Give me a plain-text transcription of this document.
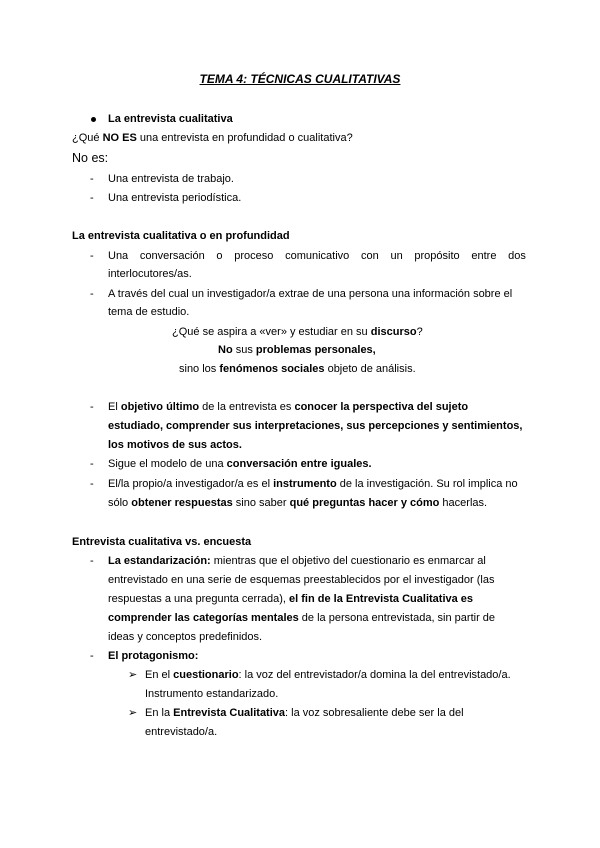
TEMA 4: TÉCNICAS CUALITATIVAS
La entrevista cualitativa
¿Qué NO ES una entrevista en profundidad o cualitativa?
No es:
- Una entrevista de trabajo.
- Una entrevista periodística.
La entrevista cualitativa o en profundidad
- Una conversación o proceso comunicativo con un propósito entre dos
interlocutores/as.
- A través del cual un investigador/a extrae de una persona una información sobre el
tema de estudio.
¿Qué se aspira a «ver» y estudiar en su discurso?
No sus problemas personales,
sino los fenómenos sociales objeto de análisis.
- El objetivo último de la entrevista es conocer la perspectiva del sujeto
estudiado, comprender sus interpretaciones, sus percepciones y sentimientos,
los motivos de sus actos.
- Sigue el modelo de una conversación entre iguales.
- El/la propio/a investigador/a es el instrumento de la investigación. Su rol implica no
sólo obtener respuestas sino saber qué preguntas hacer y cómo hacerlas.
Entrevista cualitativa vs. encuesta
- La estandarización: mientras que el objetivo del cuestionario es enmarcar al
entrevistado en una serie de esquemas preestablecidos por el investigador (las
respuestas a una pregunta cerrada), el fin de la Entrevista Cualitativa es
comprender las categorías mentales de la persona entrevistada, sin partir de
ideas y conceptos predefinidos.
- El protagonismo:
➢ En el cuestionario: la voz del entrevistador/a domina la del entrevistado/a.
Instrumento estandarizado.
➢ En la Entrevista Cualitativa: la voz sobresaliente debe ser la del
entrevistado/a.
